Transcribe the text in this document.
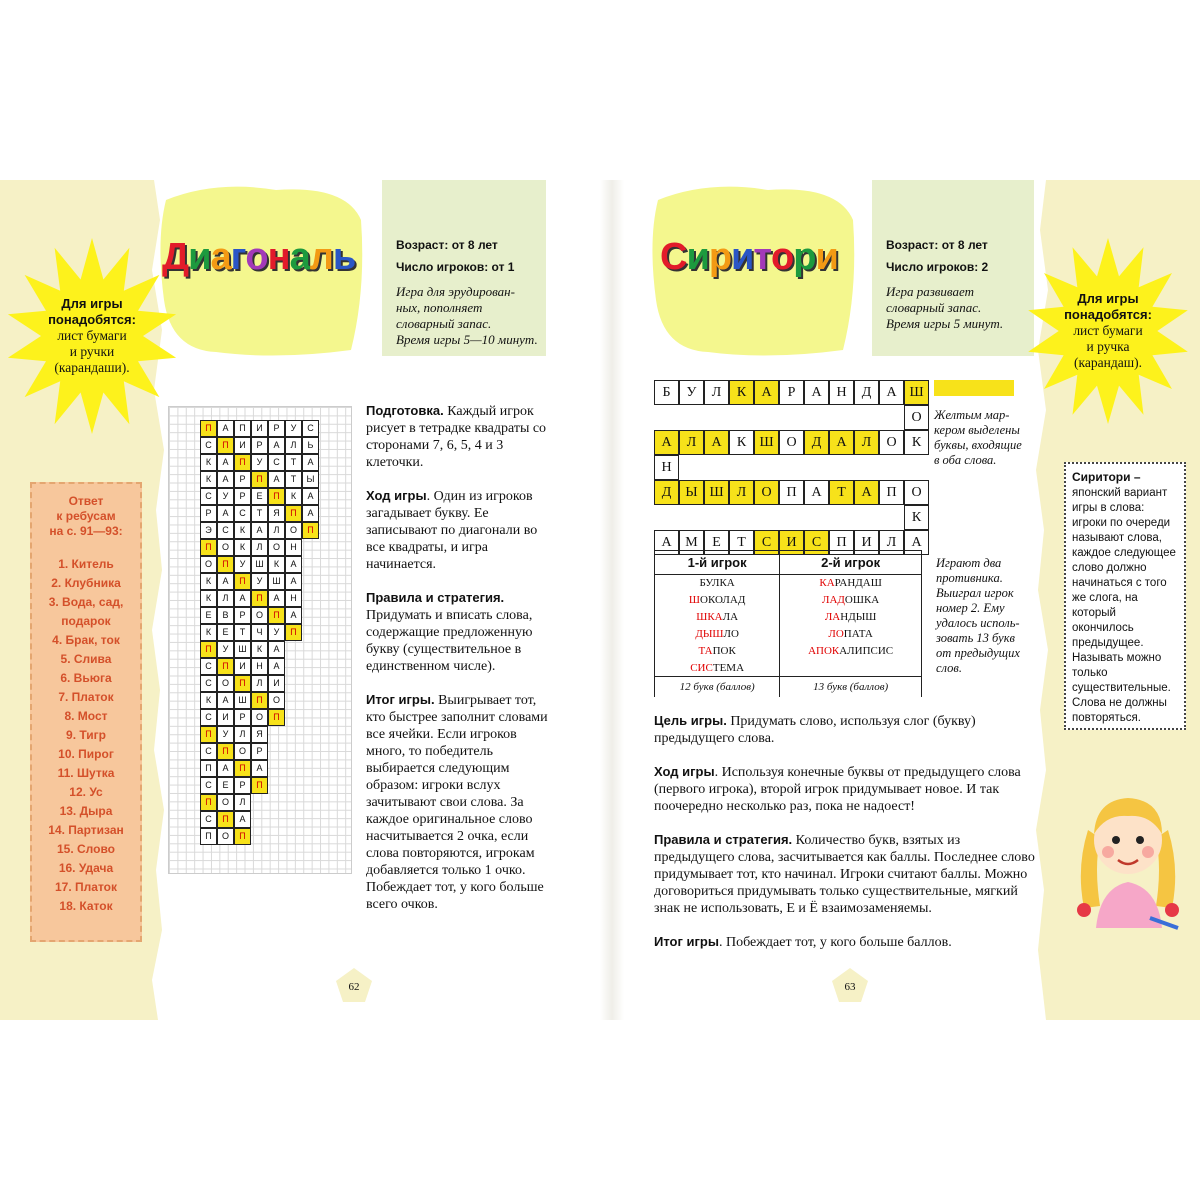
Диагональ	Сиритори
Возраст: от 8 лет
Число игроков: от 1
Игра для эрудирован-
ных, пополняет
словарный запас.
Время игры 5—10 минут.
Возраст: от 8 лет
Число игроков: 2
Игра развивает
словарный запас.
Время игры 5 минут.
Для игры
понадобятся:
лист бумаги
и ручки
(карандаши).
Для игры
понадобятся:
лист бумаги
и ручка
(карандаш).
Ответ
к ребусам
на с. 91—93:
1. Китель
2. Клубника
3. Вода, сад,
подарок
4. Брак, ток
5. Слива
6. Вьюга
7. Платок
8. Мост
9. Тигр
10. Пирог
11. Шутка
12. Ус
13. Дыра
14. Партизан
15. Слово
16. Удача
17. Платок
18. Каток
П	А	П	И	Р	У	С
С	П	И	Р	А	Л	Ь
К	А	П	У	С	Т	А
К	А	Р	П	А	Т	Ы
С	У	Р	Е	П	К	А
Р	А	С	Т	Я	П	А
Э	С	К	А	Л	О	П
П	О	К	Л	О	Н
О	П	У	Ш	К	А
К	А	П	У	Ш	А
К	Л	А	П	А	Н
Е	В	Р	О	П	А
К	Е	Т	Ч	У	П
П	У	Ш	К	А
С	П	И	Н	А
С	О	П	Л	И
К	А	Ш	П	О
С	И	Р	О	П
П	У	Л	Я
С	П	О	Р
П	А	П	А
С	Е	Р	П
П	О	Л
С	П	А
П	О	П

Подготовка. Каждый игрок рисует в тетрадке квадраты со сторонами 7, 6, 5, 4 и 3 клеточки.

Ход игры. Один из игроков загадывает букву. Ее записывают по диагонали во все квадраты, и игра начинается.

Правила и стратегия. Придумать и вписать слова, содержащие предложенную букву (существительное в единственном числе).

Итог игры. Выигрывает тот, кто быстрее заполнит словами все ячейки. Если игроков много, то победитель выбирается следующим образом: игроки вслух зачитывают свои слова. За каждое оригинальное слово насчитывается 2 очка, если слова повторяются, игрокам добавляется только 1 очко. Побеждает тот, у кого больше всего очков.

62	63
Б	У	Л	К	А	Р	А	Н	Д	А Ш
О
А	Л	А	К Ш О	Д	А	Л	О	К
Н
Д	Ы Ш Л	О	П	А	Т	А	П	О
К
А М	Е	Т	С	И	С	П	И	Л	А
Желтым мар-
кером выделены
буквы, входящие
в оба слова.
Играют два
противника.
Выиграл игрок
номер 2. Ему
удалось исполь-
зовать 13 букв
от предыдущих
слов.
1-й игрок	2-й игрок
БУЛКА	КАРАНДАШ
ШОКОЛАД	ЛАДОШКА
ШКАЛА	ЛАНДЫШ
ДЫШЛО	ЛОПАТА
ТАПОК	АПОКАЛИПСИС
СИСТЕМА	
12 букв (баллов)	13 букв (баллов)

Цель игры. Придумать слово, используя слог (букву) предыдущего слова.

Ход игры. Используя конечные буквы от предыдущего слова (первого игрока), второй игрок придумывает новое. И так поочередно несколько раз, пока не надоест!

Правила и стратегия. Количество букв, взятых из предыдущего слова, засчитывается как баллы. Последнее слово придумывает тот, кто начинал. Игроки считают баллы. Можно договориться придумывать только существительные, мягкий знак не использовать, Е и Ё взаимозаменяемы.

Итог игры. Побеждает тот, у кого больше баллов.

Сиритори – японский вариант игры в слова: игроки по очереди называют слова, каждое следующее слово должно начинаться с того же слога, на который окончилось предыдущее. Называть можно только существительные. Слова не должны повторяться.
